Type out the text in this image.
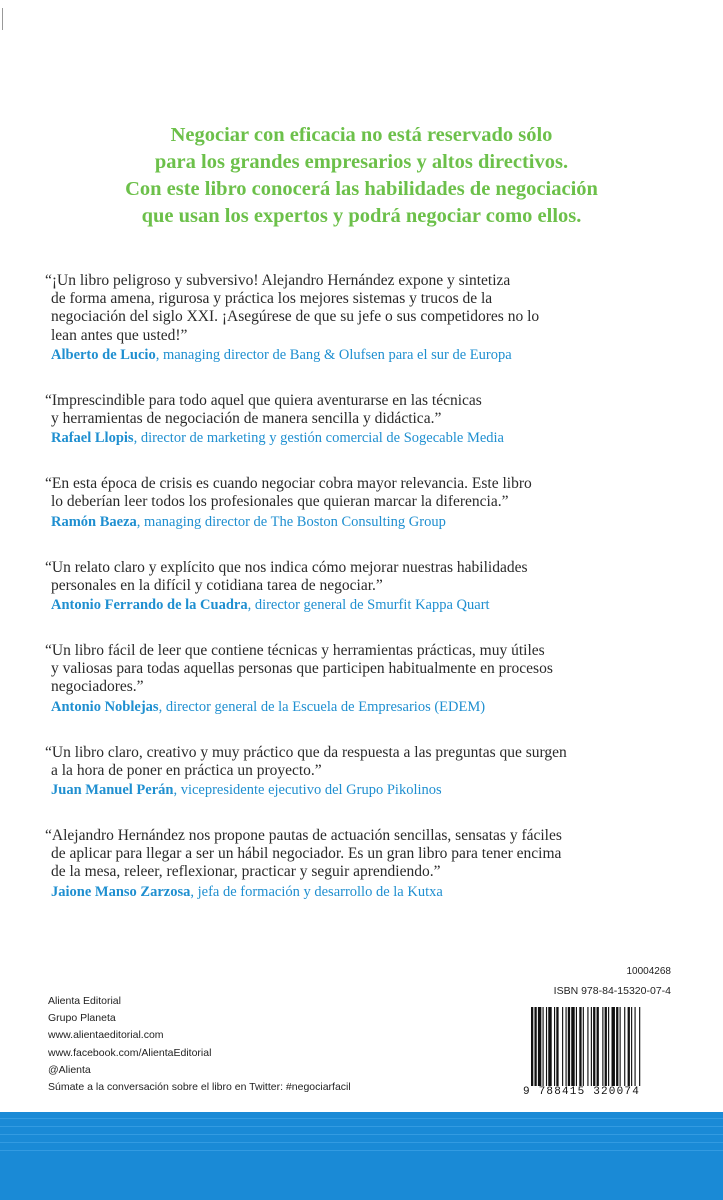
Negociar con eficacia no está reservado sólo
para los grandes empresarios y altos directivos.
Con este libro conocerá las habilidades de negociación
que usan los expertos y podrá negociar como ellos.
“¡Un libro peligroso y subversivo! Alejandro Hernández expone y sintetiza
de forma amena, rigurosa y práctica los mejores sistemas y trucos de la
negociación del siglo XXI. ¡Asegúrese de que su jefe o sus competidores no lo
lean antes que usted!”
Alberto de Lucio, managing director de Bang & Olufsen para el sur de Europa
“Imprescindible para todo aquel que quiera aventurarse en las técnicas
y herramientas de negociación de manera sencilla y didáctica.”
Rafael Llopis, director de marketing y gestión comercial de Sogecable Media
“En esta época de crisis es cuando negociar cobra mayor relevancia. Este libro
lo deberían leer todos los profesionales que quieran marcar la diferencia.”
Ramón Baeza, managing director de The Boston Consulting Group
“Un relato claro y explícito que nos indica cómo mejorar nuestras habilidades
personales en la difícil y cotidiana tarea de negociar.”
Antonio Ferrando de la Cuadra, director general de Smurfit Kappa Quart
“Un libro fácil de leer que contiene técnicas y herramientas prácticas, muy útiles
y valiosas para todas aquellas personas que participen habitualmente en procesos
negociadores.”
Antonio Noblejas, director general de la Escuela de Empresarios (EDEM)
“Un libro claro, creativo y muy práctico que da respuesta a las preguntas que surgen
a la hora de poner en práctica un proyecto.”
Juan Manuel Perán, vicepresidente ejecutivo del Grupo Pikolinos
“Alejandro Hernández nos propone pautas de actuación sencillas, sensatas y fáciles
de aplicar para llegar a ser un hábil negociador. Es un gran libro para tener encima
de la mesa, releer, reflexionar, practicar y seguir aprendiendo.”
Jaione Manso Zarzosa, jefa de formación y desarrollo de la Kutxa
Alienta Editorial
Grupo Planeta
www.alientaeditorial.com
www.facebook.com/AlientaEditorial
@Alienta
Súmate a la conversación sobre el libro en Twitter: #negociarfacil
10004268
ISBN 978-84-15320-07-4
9 788415 320074
